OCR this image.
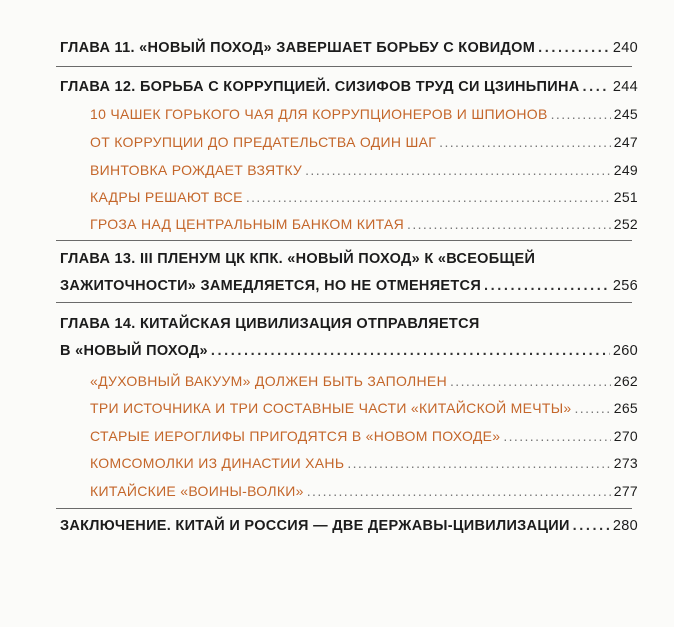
ГЛАВА 11. «НОВЫЙ ПОХОД» ЗАВЕРШАЕТ БОРЬБУ С КОВИДОМ .....	240
ГЛАВА 12. БОРЬБА С КОРРУПЦИЕЙ. СИЗИФОВ ТРУД СИ ЦЗИНЬПИНА ..... 244
10 ЧАШЕК ГОРЬКОГО ЧАЯ ДЛЯ КОРРУПЦИОНЕРОВ И ШПИОНОВ .....	245
ОТ КОРРУПЦИИ ДО ПРЕДАТЕЛЬСТВА ОДИН ШАГ .....	247
ВИНТОВКА РОЖДАЕТ ВЗЯТКУ .....	249
КАДРЫ РЕШАЮТ ВСЕ .....	251
ГРОЗА НАД ЦЕНТРАЛЬНЫМ БАНКОМ КИТАЯ .....	252
ГЛАВА 13. III ПЛЕНУМ ЦК КПК. «НОВЫЙ ПОХОД» К «ВСЕОБЩЕЙ
ЗАЖИТОЧНОСТИ» ЗАМЕДЛЯЕТСЯ, НО НЕ ОТМЕНЯЕТСЯ .....	256
ГЛАВА 14. КИТАЙСКАЯ ЦИВИЛИЗАЦИЯ ОТПРАВЛЯЕТСЯ
В «НОВЫЙ ПОХОД» .....	260
«ДУХОВНЫЙ ВАКУУМ» ДОЛЖЕН БЫТЬ ЗАПОЛНЕН .....	262
ТРИ ИСТОЧНИКА И ТРИ СОСТАВНЫЕ ЧАСТИ «КИТАЙСКОЙ МЕЧТЫ» .....	265
СТАРЫЕ ИЕРОГЛИФЫ ПРИГОДЯТСЯ В «НОВОМ ПОХОДЕ» .....	270
КОМСОМОЛКИ ИЗ ДИНАСТИИ ХАНЬ .....	273
КИТАЙСКИЕ «ВОИНЫ-ВОЛКИ» .....	277
ЗАКЛЮЧЕНИЕ. КИТАЙ И РОССИЯ — ДВЕ ДЕРЖАВЫ-ЦИВИЛИЗАЦИИ .....	280
